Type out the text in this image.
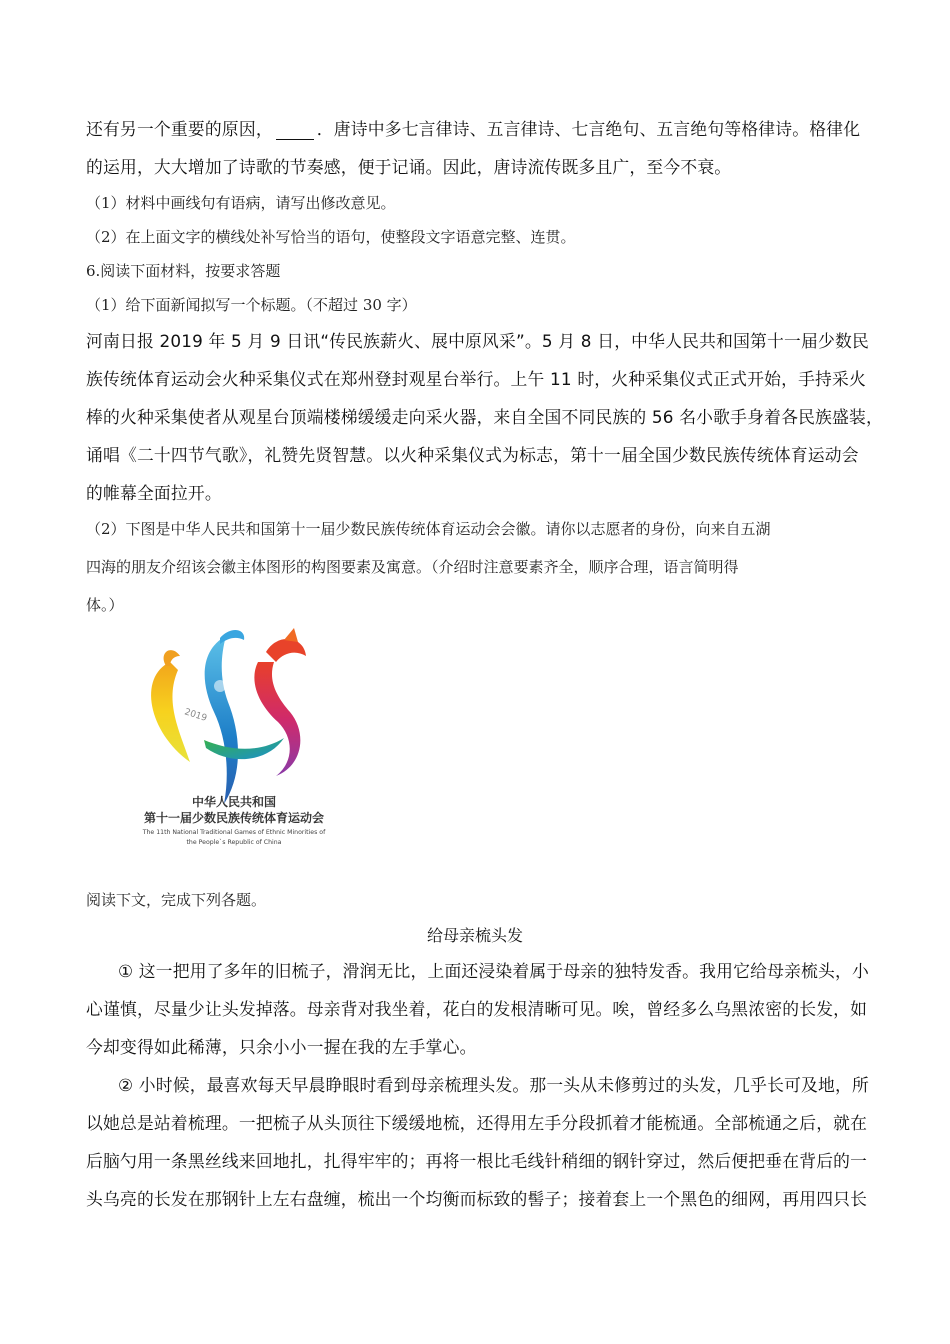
还有另一个重要的原因，	．唐诗中多七言律诗、五言律诗、七言绝句、五言绝句等格律诗。格律化
的运用，大大增加了诗歌的节奏感，便于记诵。因此，唐诗流传既多且广，至今不衰。
（1）材料中画线句有语病，请写出修改意见。
（2）在上面文字的横线处补写恰当的语句，使整段文字语意完整、连贯。
6.阅读下面材料，按要求答题
（1）给下面新闻拟写一个标题。（不超过 30 字）
河南日报 2019 年 5 月 9 日讯“传民族薪火、展中原风采”。5 月 8 日，中华人民共和国第十一届少数民
族传统体育运动会火种采集仪式在郑州登封观星台举行。上午 11 时，火种采集仪式正式开始，手持采火
棒的火种采集使者从观星台顶端楼梯缓缓走向采火器，来自全国不同民族的 56 名小歌手身着各民族盛装，
诵唱《二十四节气歌》，礼赞先贤智慧。以火种采集仪式为标志，第十一届全国少数民族传统体育运动会
的帷幕全面拉开。
（2）下图是中华人民共和国第十一届少数民族传统体育运动会会徽。请你以志愿者的身份，向来自五湖
四海的朋友介绍该会徽主体图形的构图要素及寓意。（介绍时注意要素齐全，顺序合理，语言简明得
体。）
2019
郑州
中华人民共和国
第十一届少数民族传统体育运动会
The 11th National Traditional Games of Ethnic Minorities of
the People`s Republic of China
阅读下文，完成下列各题。
给母亲梳头发
① 这一把用了多年的旧梳子，滑润无比，上面还浸染着属于母亲的独特发香。我用它给母亲梳头，小
心谨慎，尽量少让头发掉落。母亲背对我坐着，花白的发根清晰可见。唉，曾经多么乌黑浓密的长发，如
今却变得如此稀薄，只余小小一握在我的左手掌心。
② 小时候，最喜欢每天早晨睁眼时看到母亲梳理头发。那一头从未修剪过的头发，几乎长可及地，所
以她总是站着梳理。一把梳子从头顶往下缓缓地梳，还得用左手分段抓着才能梳通。全部梳通之后，就在
后脑勺用一条黑丝线来回地扎，扎得牢牢的；再将一根比毛线针稍细的钢针穿过，然后便把垂在背后的一
头乌亮的长发在那钢针上左右盘缠，梳出一个均衡而标致的髻子；接着套上一个黑色的细网，再用四只长
